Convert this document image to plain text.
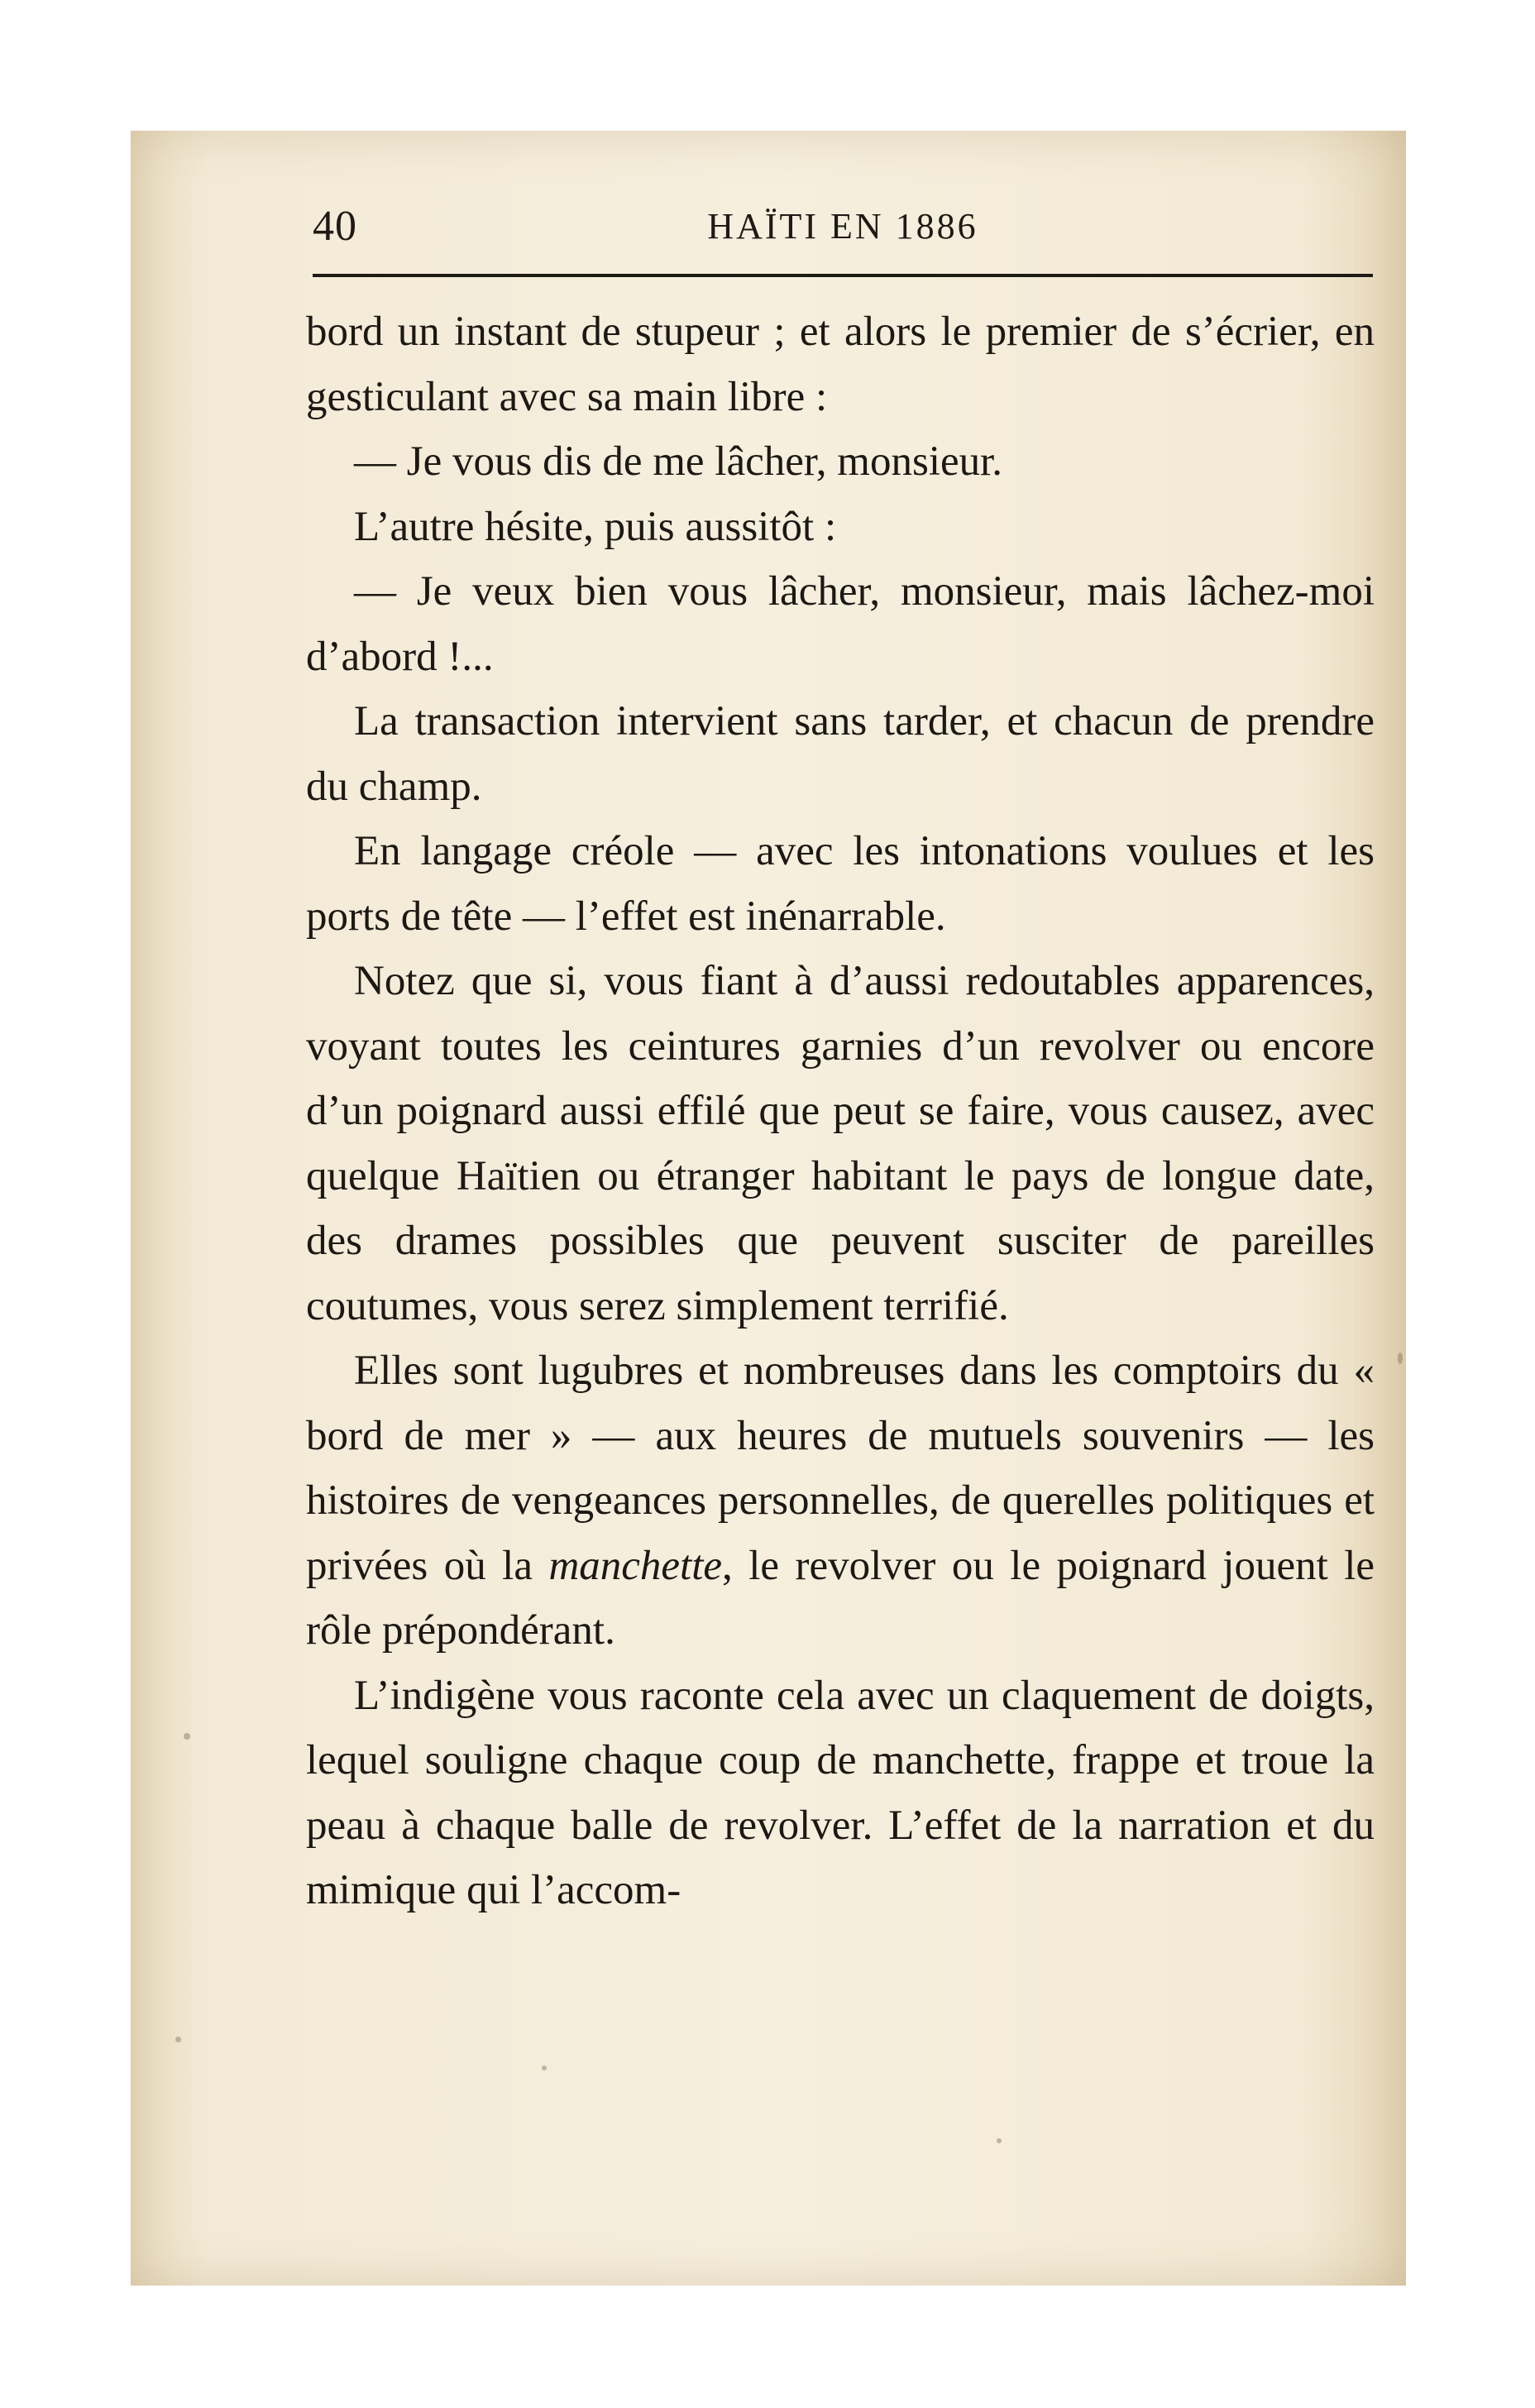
40	HAÏTI EN 1886

bord un instant de stupeur ; et alors le premier de s’écrier, en gesticulant avec sa main libre :

— Je vous dis de me lâcher, monsieur.

L’autre hésite, puis aussitôt :

— Je veux bien vous lâcher, monsieur, mais lâchez-moi d’abord !...

La transaction intervient sans tarder, et chacun de prendre du champ.

En langage créole — avec les intonations voulues et les ports de tête — l’effet est inénarrable.

Notez que si, vous fiant à d’aussi redoutables apparences, voyant toutes les ceintures garnies d’un revolver ou encore d’un poignard aussi effilé que peut se faire, vous causez, avec quelque Haïtien ou étranger habitant le pays de longue date, des drames possibles que peuvent susciter de pareilles coutumes, vous serez simplement terrifié.

Elles sont lugubres et nombreuses dans les comptoirs du « bord de mer » — aux heures de mutuels souvenirs — les histoires de vengeances personnelles, de querelles politiques et privées où la manchette, le revolver ou le poignard jouent le rôle prépondérant.

L’indigène vous raconte cela avec un claquement de doigts, lequel souligne chaque coup de manchette, frappe et troue la peau à chaque balle de revolver. L’effet de la narration et du mimique qui l’accom-
